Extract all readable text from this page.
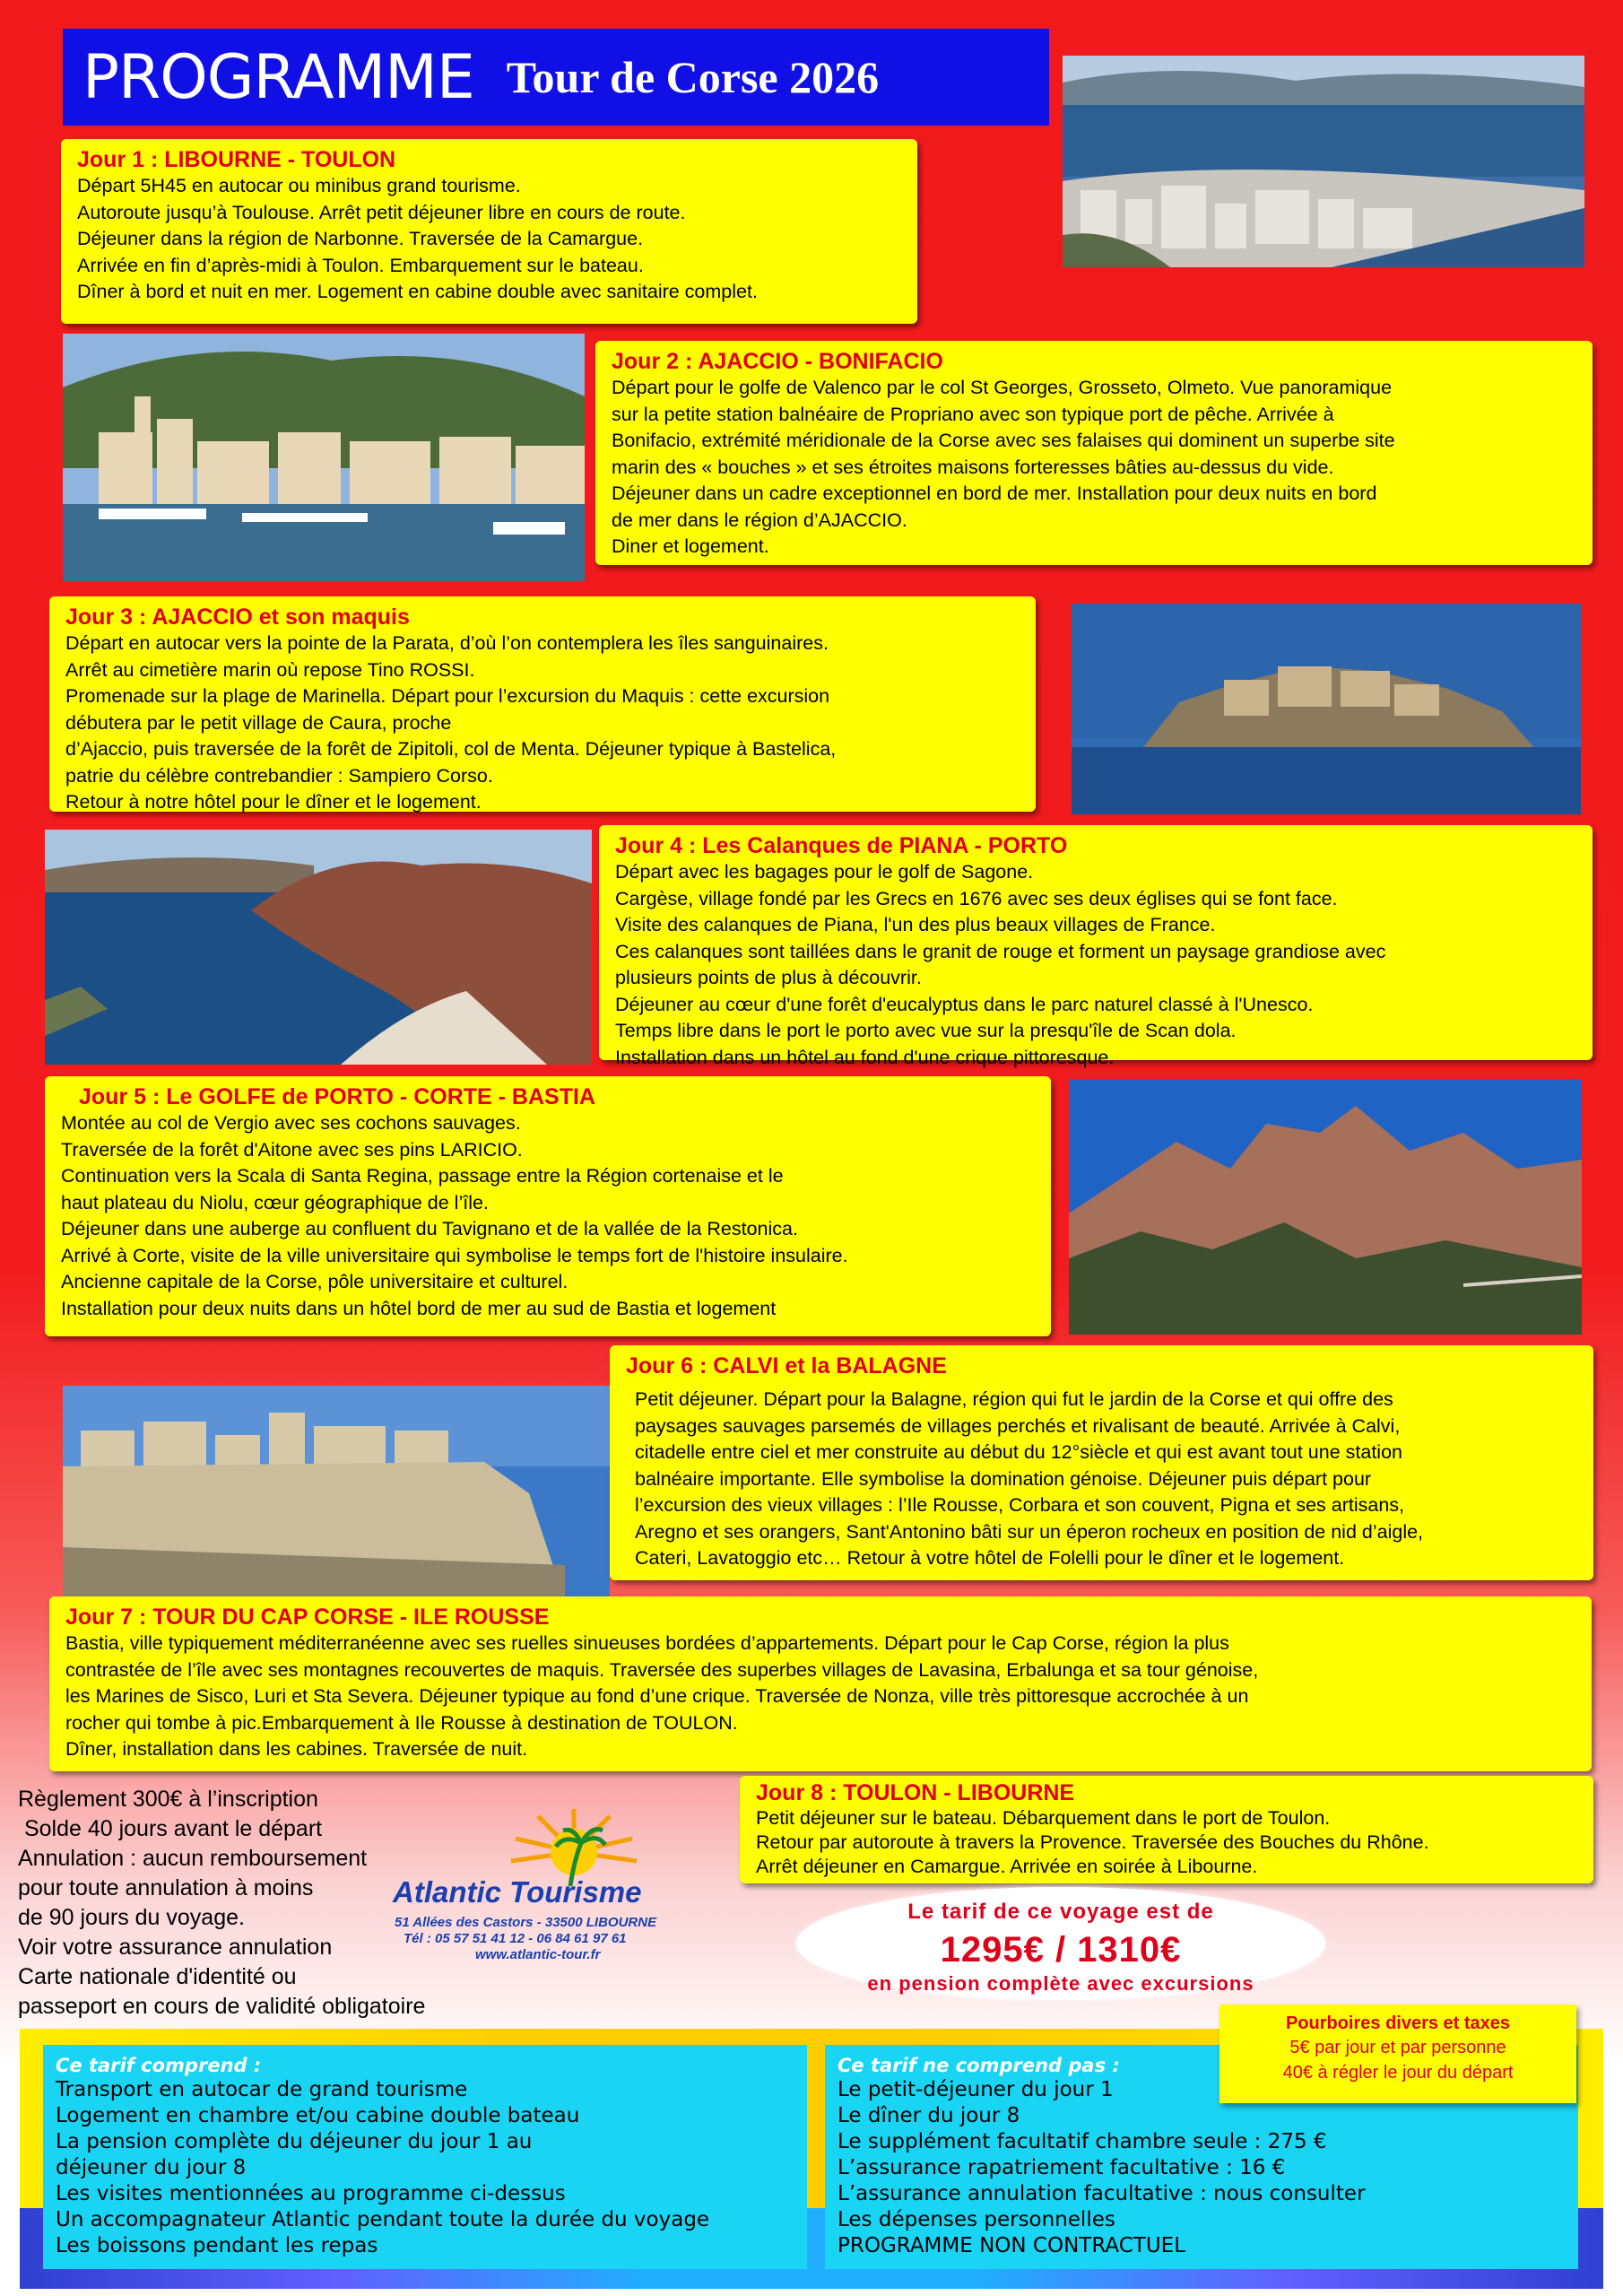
PROGRAMME Tour de Corse 2026
Jour 1 : LIBOURNE - TOULON
Départ 5H45 en autocar ou minibus grand tourisme.
Autoroute jusqu’à Toulouse. Arrêt petit déjeuner libre en cours de route.
Déjeuner dans la région de Narbonne. Traversée de la Camargue.
Arrivée en fin d’après-midi à Toulon. Embarquement sur le bateau.
Dîner à bord et nuit en mer. Logement en cabine double avec sanitaire complet.
Jour 2 : AJACCIO - BONIFACIO
Départ pour le golfe de Valenco par le col St Georges, Grosseto, Olmeto. Vue panoramique
sur la petite station balnéaire de Propriano avec son typique port de pêche. Arrivée à
Bonifacio, extrémité méridionale de la Corse avec ses falaises qui dominent un superbe site
marin des « bouches » et ses étroites maisons forteresses bâties au-dessus du vide.
Déjeuner dans un cadre exceptionnel en bord de mer. Installation pour deux nuits en bord
de mer dans le région d’AJACCIO.
Diner et logement.
Jour 3 : AJACCIO et son maquis
Départ en autocar vers la pointe de la Parata, d’où l’on contemplera les îles sanguinaires.
Arrêt au cimetière marin où repose Tino ROSSI.
Promenade sur la plage de Marinella. Départ pour l’excursion du Maquis : cette excursion
débutera par le petit village de Caura, proche
d’Ajaccio, puis traversée de la forêt de Zipitoli, col de Menta. Déjeuner typique à Bastelica,
patrie du célèbre contrebandier : Sampiero Corso.
Retour à notre hôtel pour le dîner et le logement.
Jour 4 : Les Calanques de PIANA - PORTO
Départ avec les bagages pour le golf de Sagone.
Cargèse, village fondé par les Grecs en 1676 avec ses deux églises qui se font face.
Visite des calanques de Piana, l'un des plus beaux villages de France.
Ces calanques sont taillées dans le granit de rouge et forment un paysage grandiose avec
plusieurs points de plus à découvrir.
Déjeuner au cœur d'une forêt d'eucalyptus dans le parc naturel classé à l'Unesco.
Temps libre dans le port le porto avec vue sur la presqu'île de Scan dola.
Installation dans un hôtel au fond d'une crique pittoresque.
Jour 5 : Le GOLFE de PORTO - CORTE - BASTIA
Montée au col de Vergio avec ses cochons sauvages.
Traversée de la forêt d'Aitone avec ses pins LARICIO.
Continuation vers la Scala di Santa Regina, passage entre la Région cortenaise et le
haut plateau du Niolu, cœur géographique de l’île.
Déjeuner dans une auberge au confluent du Tavignano et de la vallée de la Restonica.
Arrivé à Corte, visite de la ville universitaire qui symbolise le temps fort de l'histoire insulaire.
Ancienne capitale de la Corse, pôle universitaire et culturel.
Installation pour deux nuits dans un hôtel bord de mer au sud de Bastia et logement
Jour 6 : CALVI et la BALAGNE
Petit déjeuner. Départ pour la Balagne, région qui fut le jardin de la Corse et qui offre des
paysages sauvages parsemés de villages perchés et rivalisant de beauté. Arrivée à Calvi,
citadelle entre ciel et mer construite au début du 12°siècle et qui est avant tout une station
balnéaire importante. Elle symbolise la domination génoise. Déjeuner puis départ pour
l’excursion des vieux villages : l’Ile Rousse, Corbara et son couvent, Pigna et ses artisans,
Aregno et ses orangers, Sant'Antonino bâti sur un éperon rocheux en position de nid d’aigle,
Cateri, Lavatoggio etc… Retour à votre hôtel de Folelli pour le dîner et le logement.
Jour 7 : TOUR DU CAP CORSE - ILE ROUSSE
Bastia, ville typiquement méditerranéenne avec ses ruelles sinueuses bordées d’appartements. Départ pour le Cap Corse, région la plus
contrastée de l’île avec ses montagnes recouvertes de maquis. Traversée des superbes villages de Lavasina, Erbalunga et sa tour génoise,
les Marines de Sisco, Luri et Sta Severa. Déjeuner typique au fond d’une crique. Traversée de Nonza, ville très pittoresque accrochée à un
rocher qui tombe à pic.Embarquement à Ile Rousse à destination de TOULON.
Dîner, installation dans les cabines. Traversée de nuit.
Règlement 300€ à l’inscription
Solde 40 jours avant le départ
Annulation : aucun remboursement
pour toute annulation à moins
de 90 jours du voyage.
Voir votre assurance annulation
Carte nationale d'identité ou
passeport en cours de validité obligatoire
Atlantic Tourisme
51 Allées des Castors - 33500 LIBOURNE
Tél : 05 57 51 41 12 - 06 84 61 97 61
www.atlantic-tour.fr
Jour 8 : TOULON - LIBOURNE
Petit déjeuner sur le bateau. Débarquement dans le port de Toulon.
Retour par autoroute à travers la Provence. Traversée des Bouches du Rhône.
Arrêt déjeuner en Camargue. Arrivée en soirée à Libourne.
Le tarif de ce voyage est de
1295€ / 1310€
en pension complète avec excursions
Ce tarif comprend :
Transport en autocar de grand tourisme
Logement en chambre et/ou cabine double bateau
La pension complète du déjeuner du jour 1 au
déjeuner du jour 8
Les visites mentionnées au programme ci-dessus
Un accompagnateur Atlantic pendant toute la durée du voyage
Les boissons pendant les repas
Ce tarif ne comprend pas :
Le petit-déjeuner du jour 1
Le dîner du jour 8
Le supplément facultatif chambre seule : 275 €
L’assurance rapatriement facultative : 16 €
L’assurance annulation facultative : nous consulter
Les dépenses personnelles
PROGRAMME NON CONTRACTUEL
Pourboires divers et taxes
5€ par jour et par personne
40€ à régler le jour du départ
